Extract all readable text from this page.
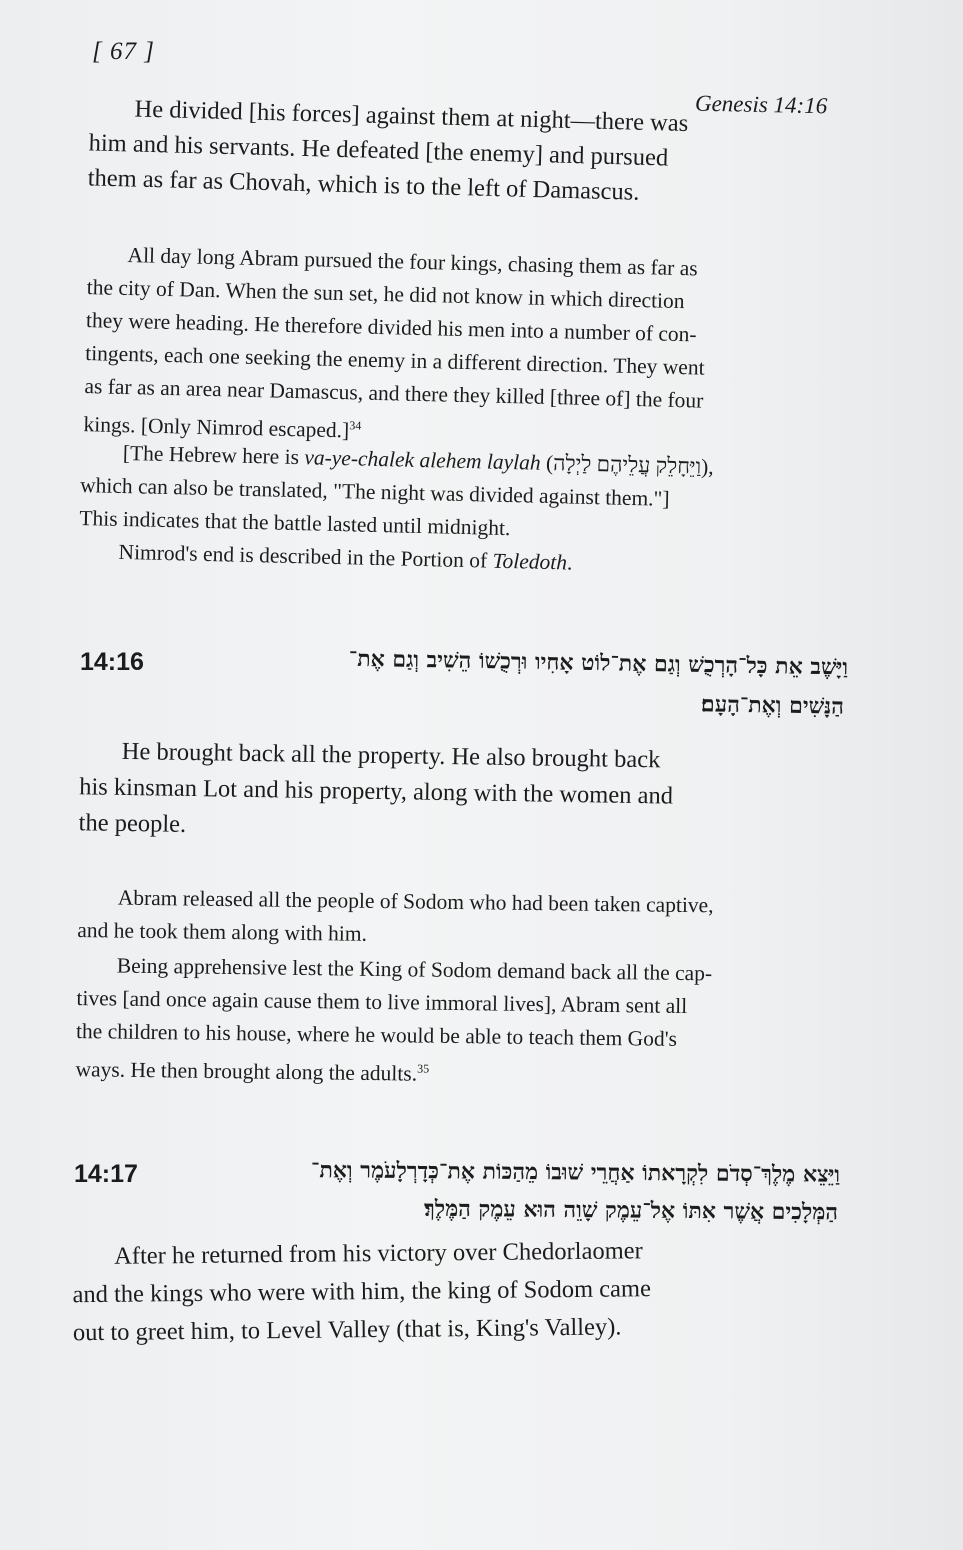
[ 67 ]
Genesis 14:16
He divided [his forces] against them at night—there was
him and his servants. He defeated [the enemy] and pursued
them as far as Chovah, which is to the left of Damascus.
All day long Abram pursued the four kings, chasing them as far as
the city of Dan. When the sun set, he did not know in which direction
they were heading. He therefore divided his men into a number of con-
tingents, each one seeking the enemy in a different direction. They went
as far as an area near Damascus, and there they killed [three of] the four
kings. [Only Nimrod escaped.]$^{34}$
[The Hebrew here is va-ye-chalek alehem laylah (וַיֵּחָלֵק עֲלֵיהֶם לַיְלָה),
which can also be translated, "The night was divided against them."]
This indicates that the battle lasted until midnight.
Nimrod's end is described in the Portion of Toledoth.
14:16	וַיָּשֶׁב אֵת כָּל־הָרְכֻשׁ וְגַם אֶת־לוֹט אָחִיו וּרְכֻשׁוֹ הֵשִׁיב וְגַם אֶת־
הַנָּשִׁים וְאֶת־הָעָם׃
He brought back all the property. He also brought back
his kinsman Lot and his property, along with the women and
the people.
Abram released all the people of Sodom who had been taken captive,
and he took them along with him.
Being apprehensive lest the King of Sodom demand back all the cap-
tives [and once again cause them to live immoral lives], Abram sent all
the children to his house, where he would be able to teach them God's
ways. He then brought along the adults.$^{35}$
14:17	וַיֵּצֵא מֶלֶךְ־סְדֹם לִקְרָאתוֹ אַחֲרֵי שׁוּבוֹ מֵהַכּוֹת אֶת־כְּדָרְלָעֹמֶר וְאֶת־
הַמְּלָכִים אֲשֶׁר אִתּוֹ אֶל־עֵמֶק שָׁוֵה הוּא עֵמֶק הַמֶּלֶךְ׃
After he returned from his victory over Chedorlaomer
and the kings who were with him, the king of Sodom came
out to greet him, to Level Valley (that is, King's Valley).
